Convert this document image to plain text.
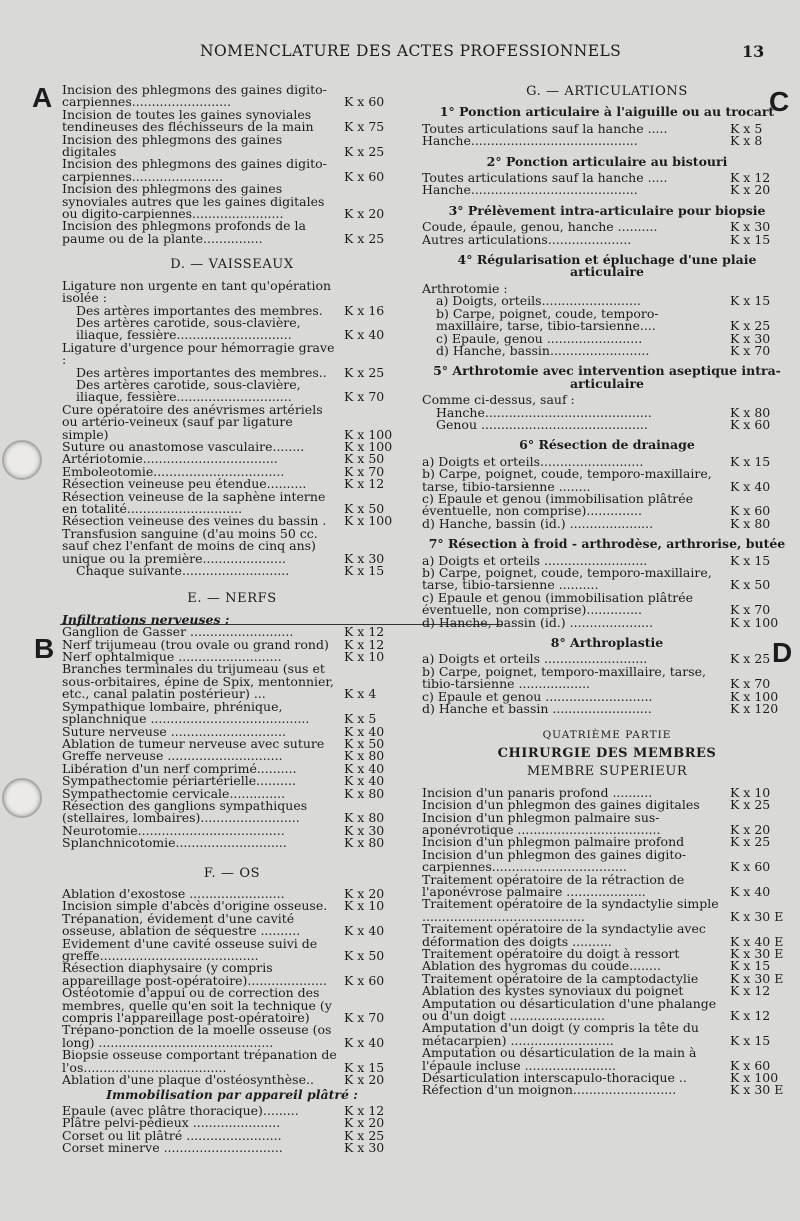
NOMENCLATURE DES ACTES PROFESSIONNELS	13
A
B
C
D
Incision des phlegmons des gaines digito-carpiennes.........................	K x 60
Incision de toutes les gaines synoviales tendineuses des fléchisseurs de la main	K x 75
Incision des phlegmons des gaines digitales	K x 25
Incision des phlegmons des gaines digito-carpiennes.......................	K x 60
Incision des phlegmons des gaines synoviales autres que les gaines digitales ou digito-carpiennes.......................	K x 20
Incision des phlegmons profonds de la paume ou de la plante...............	K x 25
D. — VAISSEAUX
Ligature non urgente en tant qu'opération isolée :
Des artères importantes des membres.	K x 16
Des artères carotide, sous-clavière, iliaque, fessière.............................	K x 40
Ligature d'urgence pour hémorragie grave :
Des artères importantes des membres..	K x 25
Des artères carotide, sous-clavière, iliaque, fessière.............................	K x 70
Cure opératoire des anévrismes artériels ou artério-veineux (sauf par ligature simple)	K x 100
Suture ou anastomose vasculaire........	K x 100
Artériotomie..................................	K x 50
Emboleotomie.................................	K x 70
Résection veineuse peu étendue..........	K x 12
Résection veineuse de la saphène interne en totalité.............................	K x 50
Résection veineuse des veines du bassin .	K x 100
Transfusion sanguine (d'au moins 50 cc. sauf chez l'enfant de moins de cinq ans) unique ou la première.....................	K x 30
Chaque suivante...........................	K x 15
E. — NERFS
Infiltrations nerveuses :
Ganglion de Gasser ..........................	K x 12
Nerf trijumeau (trou ovale ou grand rond)	K x 12
Nerf ophtalmique ..........................	K x 10
Branches terminales du trijumeau (sus et sous-orbitaires, épine de Spix, mentonnier, etc., canal palatin postérieur) ...	K x 4
Sympathique lombaire, phrénique, splanchnique ........................................	K x 5
Suture nerveuse .............................	K x 40
Ablation de tumeur nerveuse avec suture	K x 50
Greffe nerveuse .............................	K x 80
Libération d'un nerf comprimé..........	K x 40
Sympathectomie périartérielle..........	K x 40
Sympathectomie cervicale..............	K x 80
Résection des ganglions sympathiques (stellaires, lombaires).........................	K x 80
Neurotomie.....................................	K x 30
Splanchnicotomie............................	K x 80
F. — OS
Ablation d'exostose ........................	K x 20
Incision simple d'abcès d'origine osseuse.	K x 10
Trépanation, évidement d'une cavité osseuse, ablation de séquestre ..........	K x 40
Evidement d'une cavité osseuse suivi de greffe........................................	K x 50
Résection diaphysaire (y compris appareillage post-opératoire)....................	K x 60
Ostéotomie d'appui ou de correction des membres, quelle qu'en soit la technique (y compris l'appareillage post-opératoire)	K x 70
Trépano-ponction de la moelle osseuse (os long) ............................................	K x 40
Biopsie osseuse comportant trépanation de l'os....................................	K x 15
Ablation d'une plaque d'ostéosynthèse..	K x 20
Immobilisation par appareil plâtré :
Epaule (avec plâtre thoracique).........	K x 12
Plâtre pelvi-pédieux ......................	K x 20
Corset ou lit plâtré ........................	K x 25
Corset minerve ..............................	K x 30
G. — ARTICULATIONS
1° Ponction articulaire à l'aiguille ou au trocart
Toutes articulations sauf la hanche .....	K x 5
Hanche..........................................	K x 8
2° Ponction articulaire au bistouri
Toutes articulations sauf la hanche .....	K x 12
Hanche..........................................	K x 20
3° Prélèvement intra-articulaire pour biopsie
Coude, épaule, genou, hanche ..........	K x 30
Autres articulations.....................	K x 15
4° Régularisation et épluchage d'une plaie articulaire
Arthrotomie :
a) Doigts, orteils.........................	K x 15
b) Carpe, poignet, coude, temporo-maxillaire, tarse, tibio-tarsienne....	K x 25
c) Epaule, genou ........................	K x 30
d) Hanche, bassin.........................	K x 70
5° Arthrotomie avec intervention aseptique intra-articulaire
Comme ci-dessus, sauf :
Hanche..........................................	K x 80
Genou ..........................................	K x 60
6° Résection de drainage
a) Doigts et orteils..........................	K x 15
b) Carpe, poignet, coude, temporo-maxillaire, tarse, tibio-tarsienne ........	K x 40
c) Epaule et genou (immobilisation plâtrée éventuelle, non comprise)..............	K x 60
d) Hanche, bassin (id.) .....................	K x 80
7° Résection à froid - arthrodèse, arthrorise, butée
a) Doigts et orteils ..........................	K x 15
b) Carpe, poignet, coude, temporo-maxillaire, tarse, tibio-tarsienne ..........	K x 50
c) Epaule et genou (immobilisation plâtrée éventuelle, non comprise)..............	K x 70
d) Hanche, bassin (id.) .....................	K x 100
8° Arthroplastie
a) Doigts et orteils ..........................	K x 25
b) Carpe, poignet, temporo-maxillaire, tarse, tibio-tarsienne ..................	K x 70
c) Epaule et genou ...........................	K x 100
d) Hanche et bassin .........................	K x 120
QUATRIÈME PARTIE
CHIRURGIE DES MEMBRES
MEMBRE SUPERIEUR
Incision d'un panaris profond ..........	K x 10
Incision d'un phlegmon des gaines digitales	K x 25
Incision d'un phlegmon palmaire sus-aponévrotique ....................................	K x 20
Incision d'un phlegmon palmaire profond	K x 25
Incision d'un phlegmon des gaines digito-carpiennes..................................	K x 60
Traitement opératoire de la rétraction de l'aponévrose palmaire ....................	K x 40
Traitement opératoire de la syndactylie simple .........................................	K x 30 E
Traitement opératoire de la syndactylie avec déformation des doigts ..........	K x 40 E
Traitement opératoire du doigt à ressort	K x 30 E
Ablation des hygromas du coude........	K x 15
Traitement opératoire de la camptodactylie	K x 30 E
Ablation des kystes synoviaux du poignet	K x 12
Amputation ou désarticulation d'une phalange ou d'un doigt ........................	K x 12
Amputation d'un doigt (y compris la tête du métacarpien) ..........................	K x 15
Amputation ou désarticulation de la main à l'épaule incluse .......................	K x 60
Désarticulation interscapulo-thoracique ..	K x 100
Réfection d'un moignon..........................	K x 30 E
